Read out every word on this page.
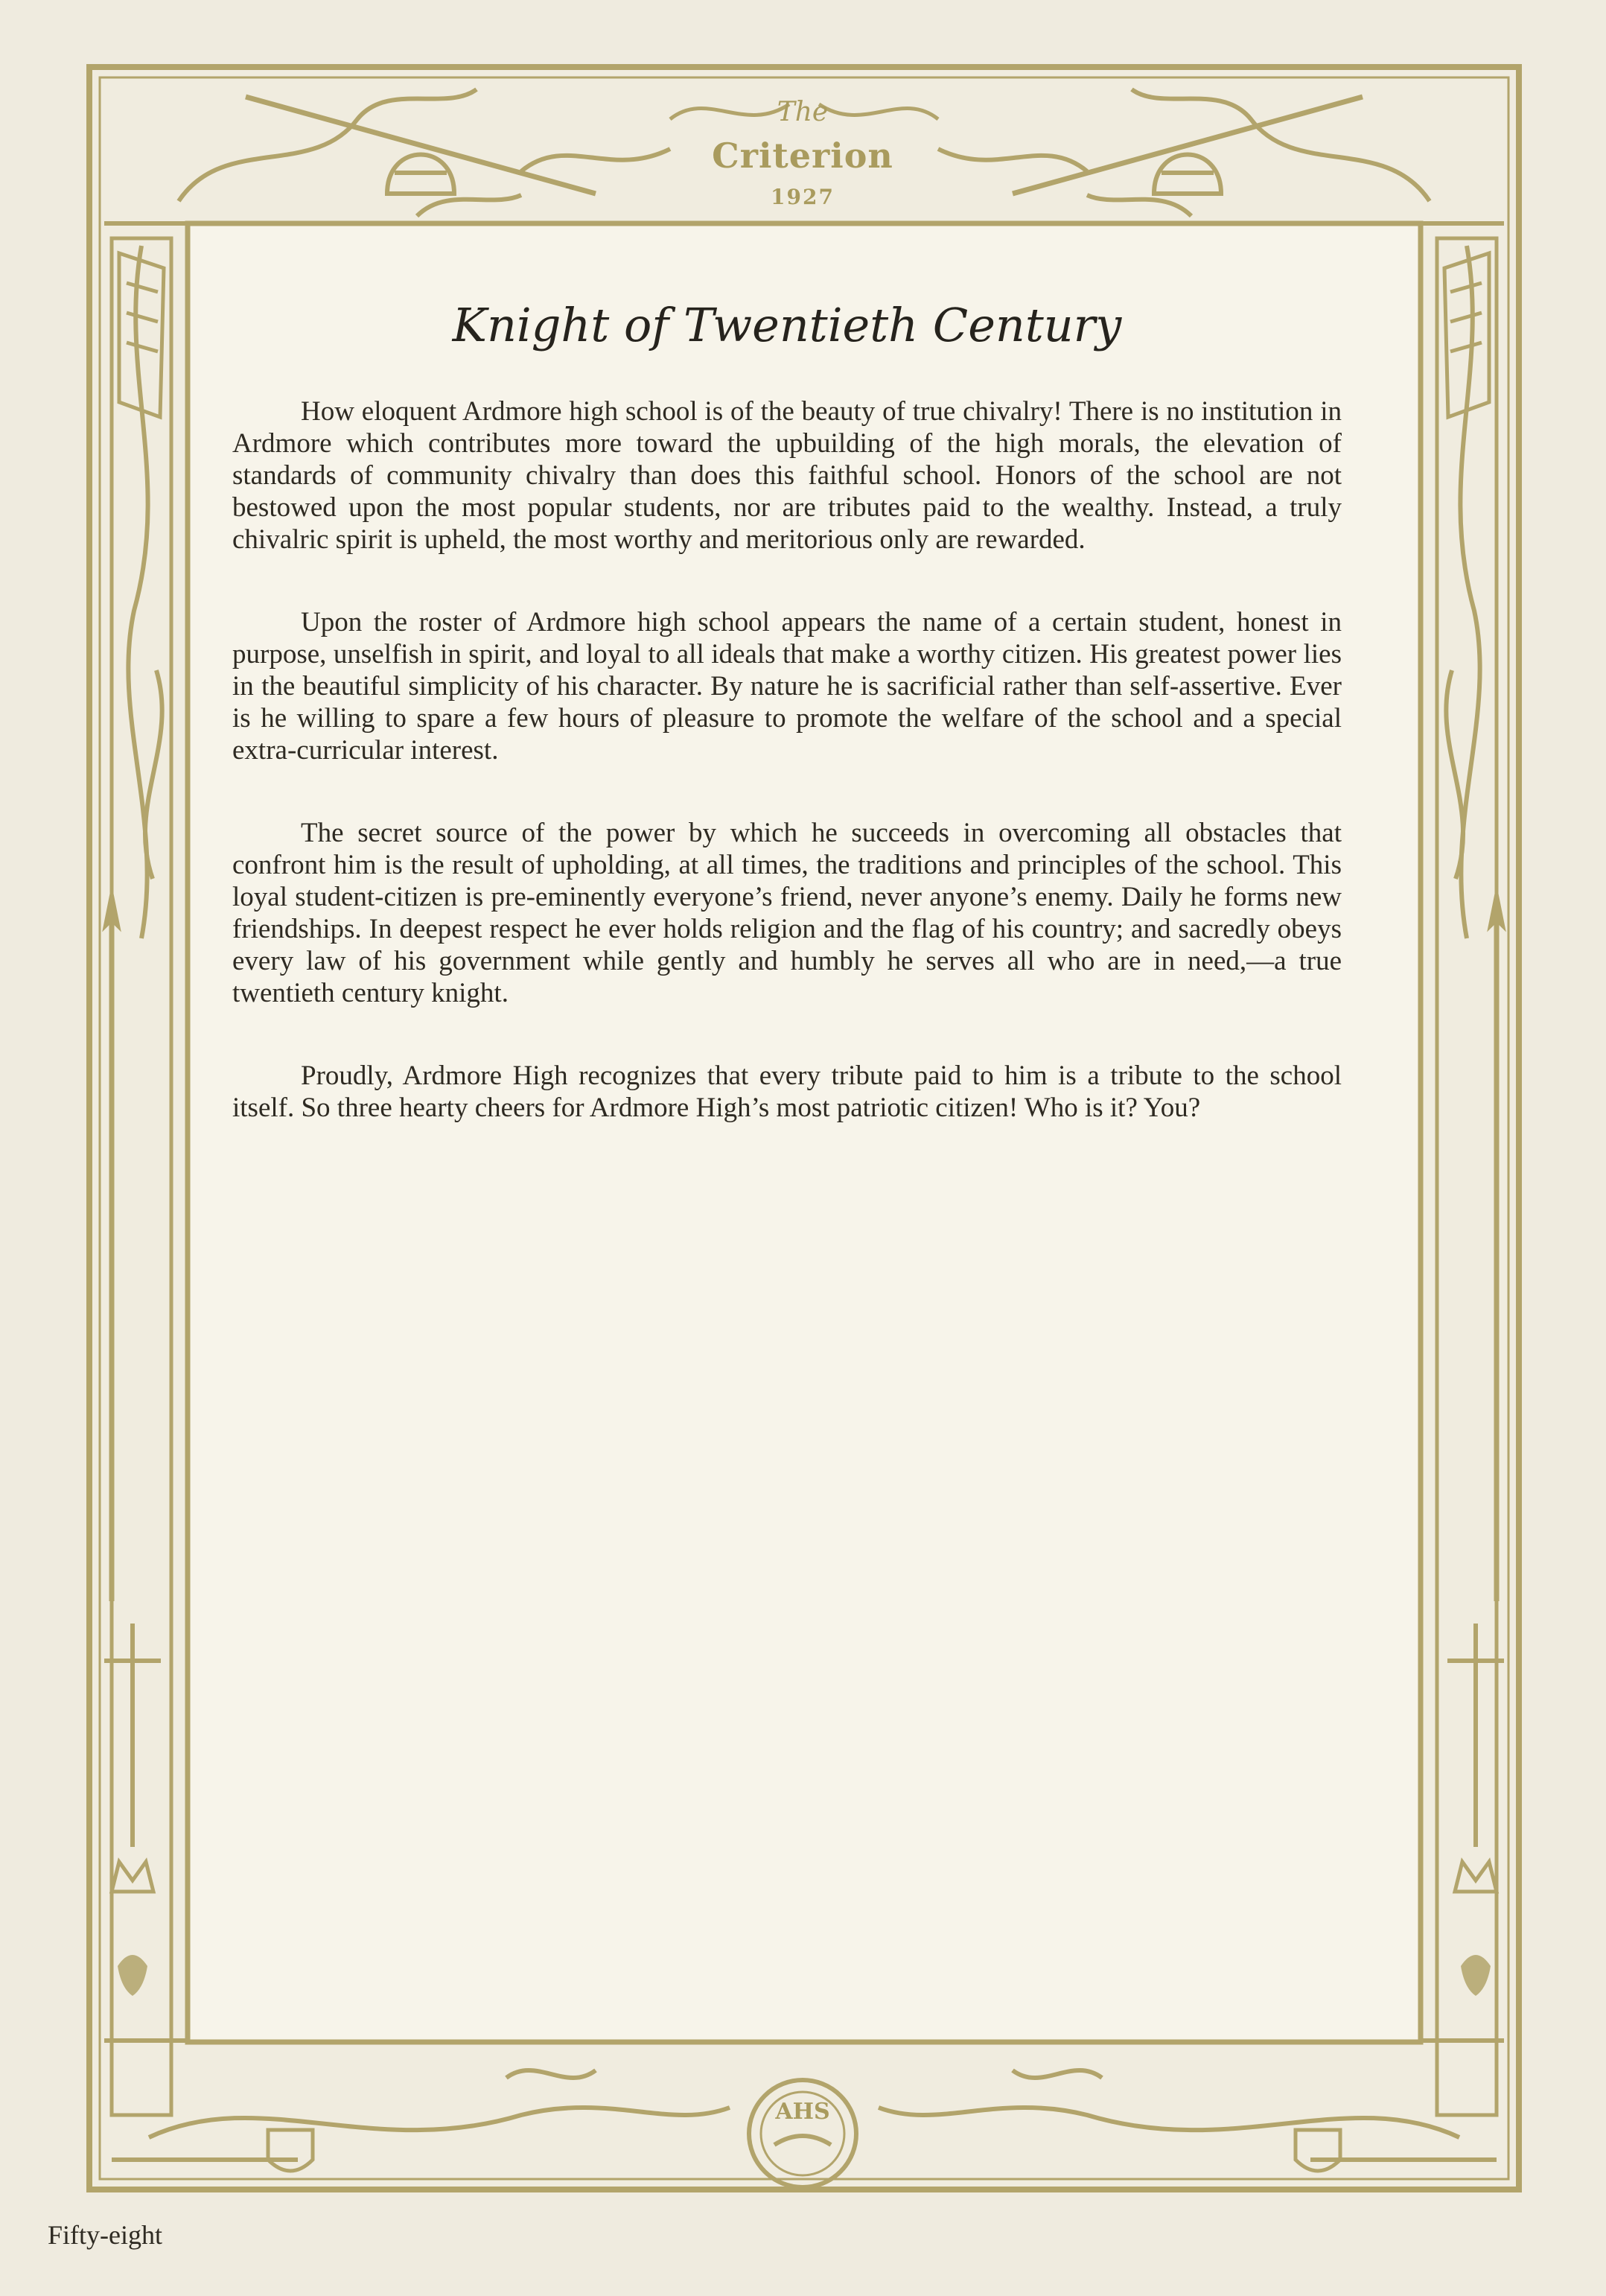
The
Criterion
1927
AHS
Knight of Twentieth Century

How eloquent Ardmore high school is of the beauty of true chivalry! There is no institution in Ardmore which contributes more toward the upbuilding of the high morals, the elevation of standards of community chivalry than does this faithful school. Honors of the school are not bestowed upon the most popular students, nor are tributes paid to the wealthy. Instead, a truly chivalric spirit is upheld, the most worthy and meritorious only are rewarded.

Upon the roster of Ardmore high school appears the name of a certain student, honest in purpose, unselfish in spirit, and loyal to all ideals that make a worthy citizen. His greatest power lies in the beautiful simplicity of his character. By nature he is sacrificial rather than self-assertive. Ever is he willing to spare a few hours of pleasure to promote the welfare of the school and a special extra-curricular interest.

The secret source of the power by which he succeeds in overcoming all obstacles that confront him is the result of upholding, at all times, the traditions and principles of the school. This loyal student-citizen is pre-eminently everyone’s friend, never anyone’s enemy. Daily he forms new friendships. In deepest respect he ever holds religion and the flag of his country; and sacredly obeys every law of his government while gently and humbly he serves all who are in need,—a true twentieth century knight.

Proudly, Ardmore High recognizes that every tribute paid to him is a tribute to the school itself. So three hearty cheers for Ardmore High’s most patriotic citizen! Who is it? You?

Fifty-eight
